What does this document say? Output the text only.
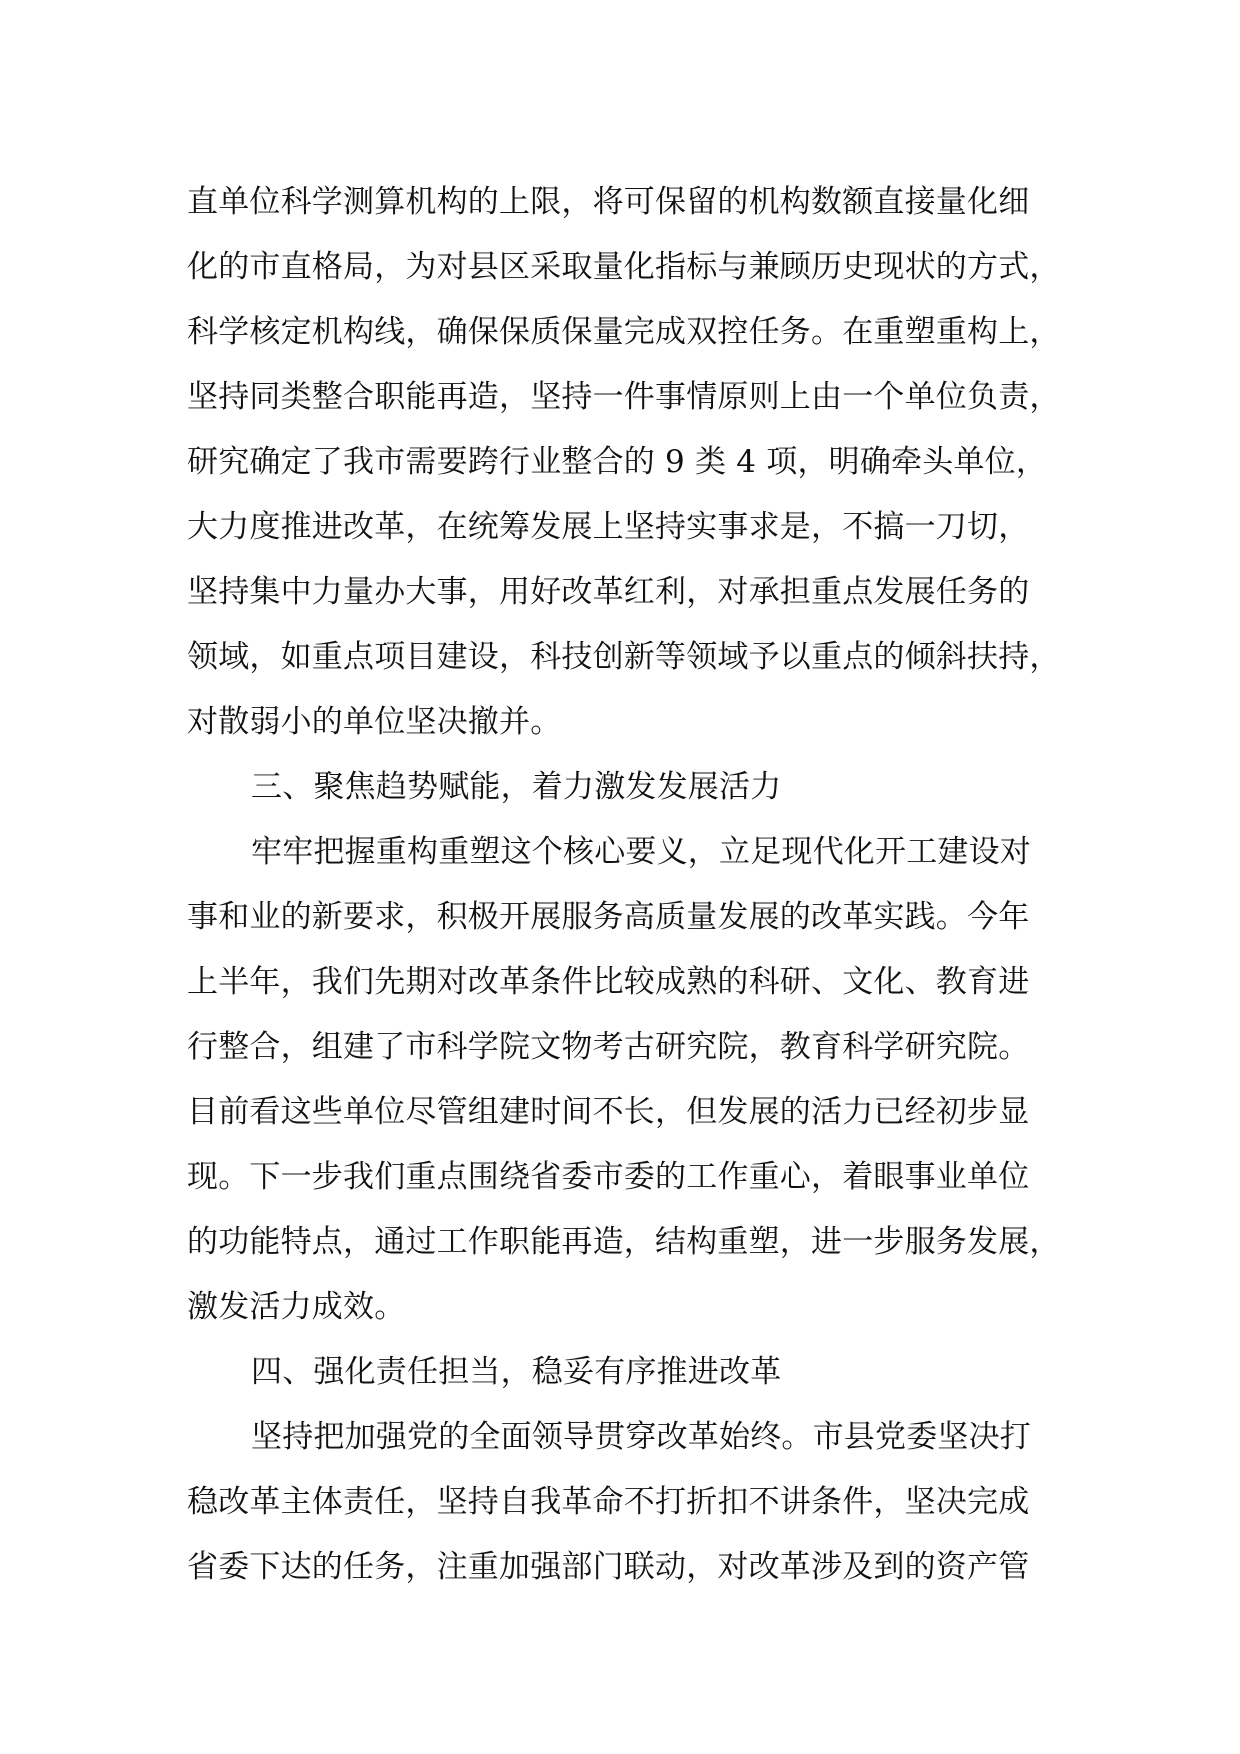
直单位科学测算机构的上限，将可保留的机构数额直接量化细
化的市直格局，为对县区采取量化指标与兼顾历史现状的方式，
科学核定机构线，确保保质保量完成双控任务。在重塑重构上，
坚持同类整合职能再造，坚持一件事情原则上由一个单位负责，
研究确定了我市需要跨行业整合的 9 类 4 项，明确牵头单位，
大力度推进改革，在统筹发展上坚持实事求是，不搞一刀切，
坚持集中力量办大事，用好改革红利，对承担重点发展任务的
领域，如重点项目建设，科技创新等领域予以重点的倾斜扶持，
对散弱小的单位坚决撤并。
三、聚焦趋势赋能，着力激发发展活力
牢牢把握重构重塑这个核心要义，立足现代化开工建设对
事和业的新要求，积极开展服务高质量发展的改革实践。今年
上半年，我们先期对改革条件比较成熟的科研、文化、教育进
行整合，组建了市科学院文物考古研究院，教育科学研究院。
目前看这些单位尽管组建时间不长，但发展的活力已经初步显
现。下一步我们重点围绕省委市委的工作重心，着眼事业单位
的功能特点，通过工作职能再造，结构重塑，进一步服务发展，
激发活力成效。
四、强化责任担当，稳妥有序推进改革
坚持把加强党的全面领导贯穿改革始终。市县党委坚决打
稳改革主体责任，坚持自我革命不打折扣不讲条件，坚决完成
省委下达的任务，注重加强部门联动，对改革涉及到的资产管
